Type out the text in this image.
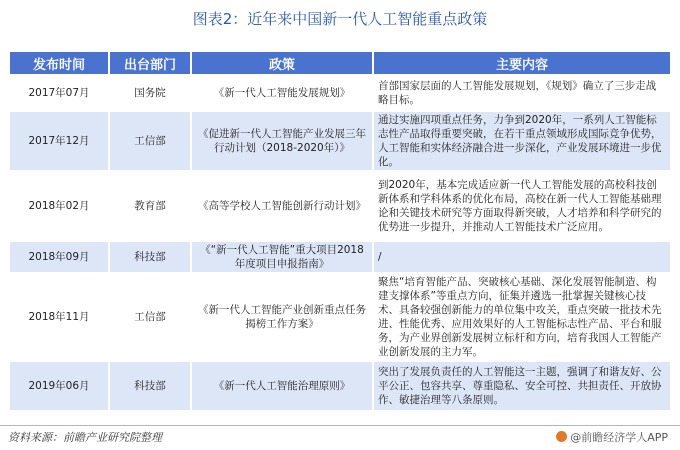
图表2：近年来中国新一代人工智能重点政策
发布时间	出台部门	政策	主要内容
2017年07月	国务院	《新一代人工智能发展规划》	首部国家层面的人工智能发展规划，《规划》确立了三步走战略目标。
2017年12月	工信部	《促进新一代人工智能产业发展三年行动计划（2018-2020年）》	通过实施四项重点任务，力争到2020年，一系列人工智能标志性产品取得重要突破，在若干重点领域形成国际竞争优势，人工智能和实体经济融合进一步深化，产业发展环境进一步优化。
2018年02月	教育部	《高等学校人工智能创新行动计划》	到2020年，基本完成适应新一代人工智能发展的高校科技创新体系和学科体系的优化布局，高校在新一代人工智能基础理论和关键技术研究等方面取得新突破，人才培养和科学研究的优势进一步提升，并推动人工智能技术广泛应用。
2018年09月	科技部	《“新一代人工智能”重大项目2018年度项目申报指南》	/
2018年11月	工信部	《新一代人工智能产业创新重点任务揭榜工作方案》	聚焦“培育智能产品、突破核心基础、深化发展智能制造、构建支撑体系”等重点方向，征集并遴选一批掌握关键核心技术、具备较强创新能力的单位集中攻关，重点突破一批技术先进、性能优秀、应用效果好的人工智能标志性产品、平台和服务，为产业界创新发展树立标杆和方向，培育我国人工智能产业创新发展的主力军。
2019年06月	科技部	《新一代人工智能治理原则》	突出了发展负责任的人工智能这一主题，强调了和谐友好、公平公正、包容共享、尊重隐私、安全可控、共担责任、开放协作、敏捷治理等八条原则。
资料来源：前瞻产业研究院整理	@前瞻经济学人APP
